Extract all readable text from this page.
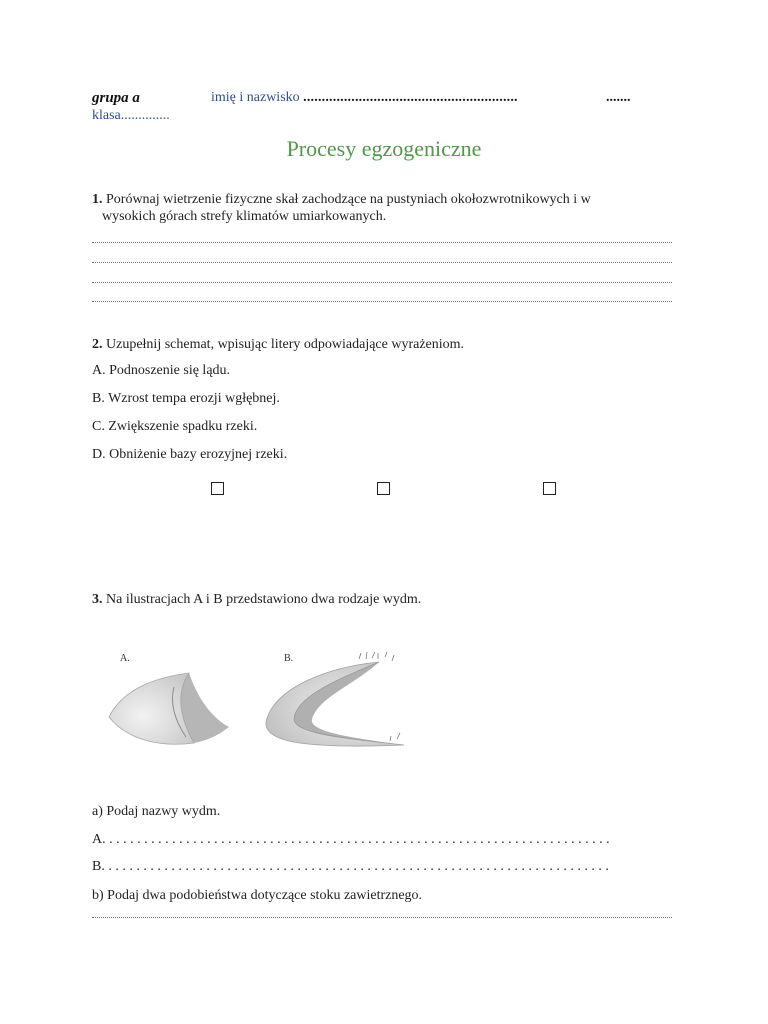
grupa a	imię i nazwisko ..........................................................	.......
klasa..............
Procesy egzogeniczne
1. Porównaj wietrzenie fizyczne skał zachodzące na pustyniach okołozwrotnikowych i w
wysokich górach strefy klimatów umiarkowanych.
2. Uzupełnij schemat, wpisując litery odpowiadające wyrażeniom.
A. Podnoszenie się lądu.
B. Wzrost tempa erozji wgłębnej.
C. Zwiększenie spadku rzeki.
D. Obniżenie bazy erozyjnej rzeki.
3. Na ilustracjach A i B przedstawiono dwa rodzaje wydm.
A.	B.
a) Podaj nazwy wydm.
A. . . . . . . . . . . . . . . . . . . . . . . . . . . . . . . . . . . . . . . . . . . . . . . . . . . . . . . . . . . . . . . . . . . . . . . . .
B. . . . . . . . . . . . . . . . . . . . . . . . . . . . . . . . . . . . . . . . . . . . . . . . . . . . . . . . . . . . . . . . . . . . . . . . .
b) Podaj dwa podobieństwa dotyczące stoku zawietrznego.
